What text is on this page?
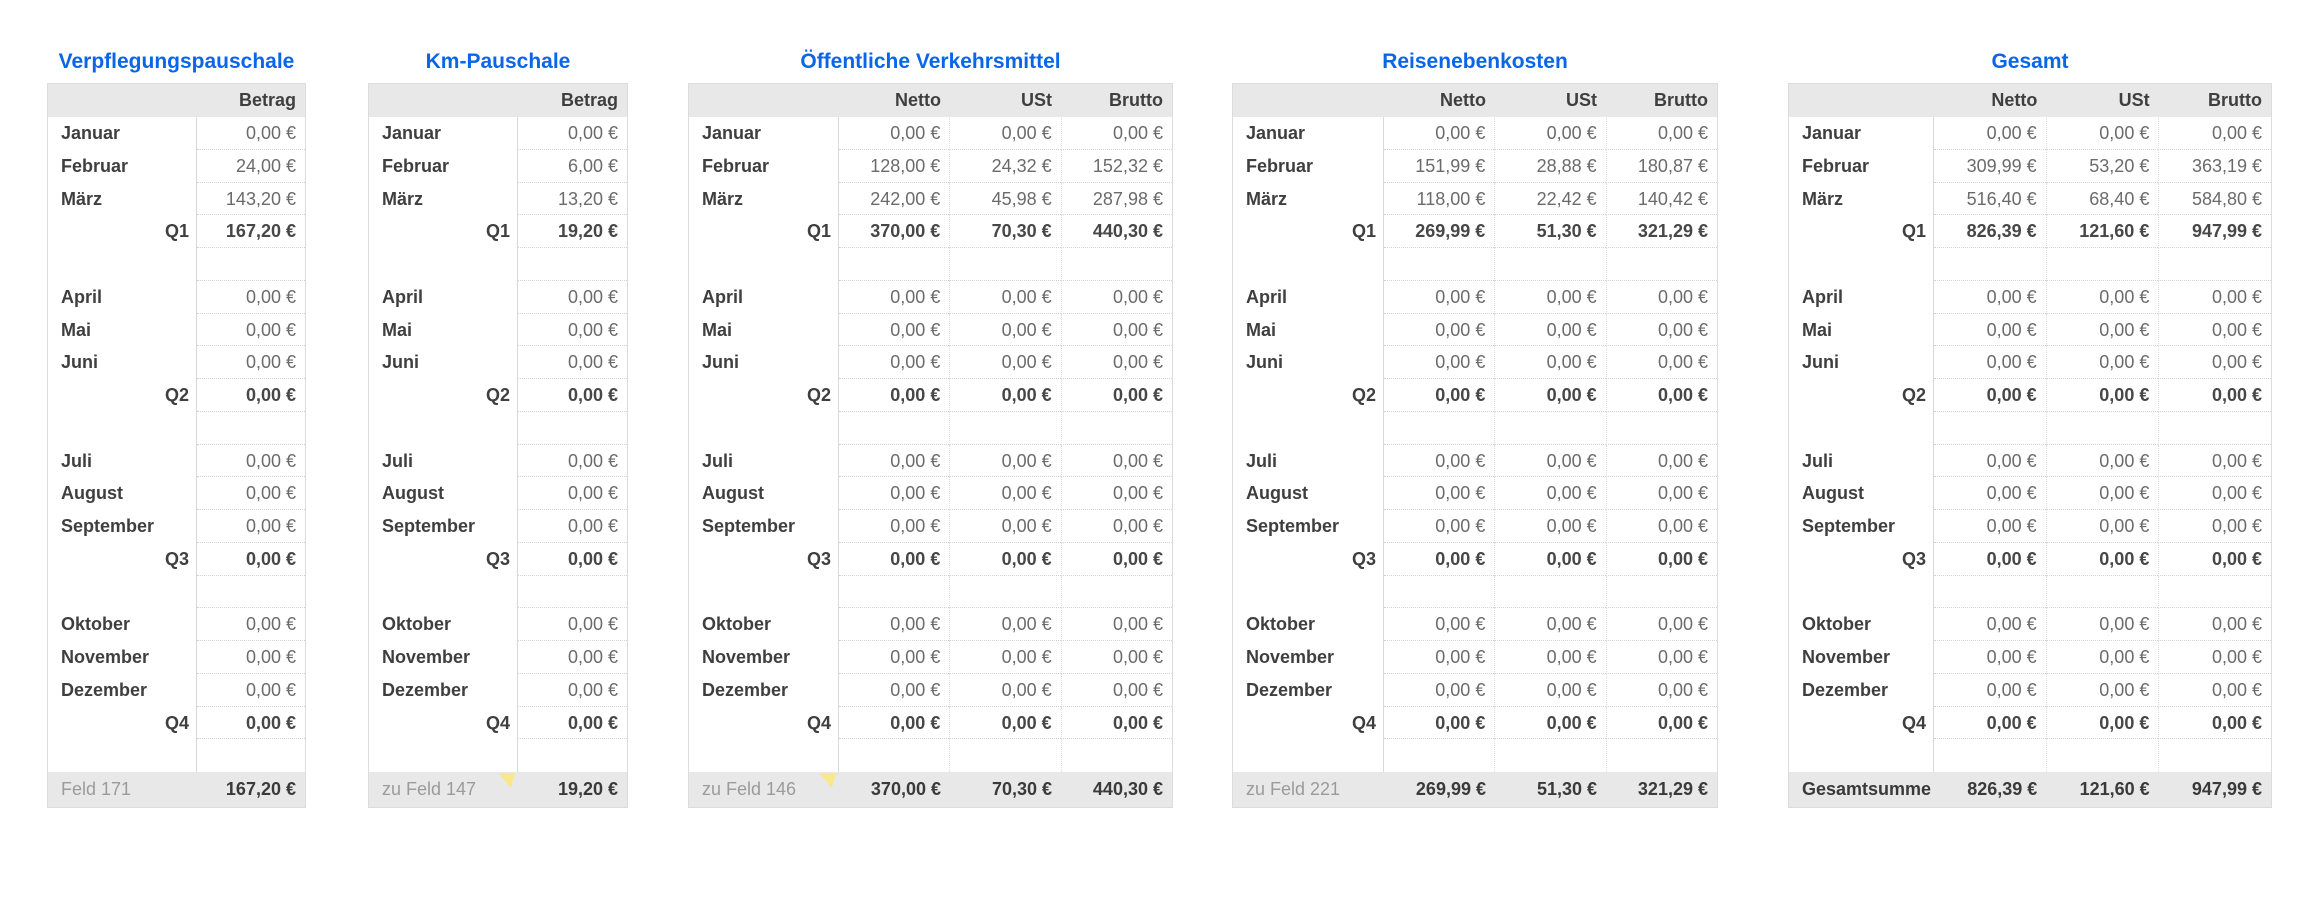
Verpflegungspauschale
Betrag
Januar	0,00 €
Februar	24,00 €
März	143,20 €
Q1	167,20 €
April	0,00 €
Mai	0,00 €
Juni	0,00 €
Q2	0,00 €
Juli	0,00 €
August	0,00 €
September	0,00 €
Q3	0,00 €
Oktober	0,00 €
November	0,00 €
Dezember	0,00 €
Q4	0,00 €
Feld 171	167,20 €
Km-Pauschale
Betrag
Januar	0,00 €
Februar	6,00 €
März	13,20 €
Q1	19,20 €
April	0,00 €
Mai	0,00 €
Juni	0,00 €
Q2	0,00 €
Juli	0,00 €
August	0,00 €
September	0,00 €
Q3	0,00 €
Oktober	0,00 €
November	0,00 €
Dezember	0,00 €
Q4	0,00 €
zu Feld 147	19,20 €
Öffentliche Verkehrsmittel
Netto	USt	Brutto
Januar	0,00 €	0,00 €	0,00 €
Februar	128,00 €	24,32 €	152,32 €
März	242,00 €	45,98 €	287,98 €
Q1	370,00 €	70,30 €	440,30 €
April	0,00 €	0,00 €	0,00 €
Mai	0,00 €	0,00 €	0,00 €
Juni	0,00 €	0,00 €	0,00 €
Q2	0,00 €	0,00 €	0,00 €
Juli	0,00 €	0,00 €	0,00 €
August	0,00 €	0,00 €	0,00 €
September	0,00 €	0,00 €	0,00 €
Q3	0,00 €	0,00 €	0,00 €
Oktober	0,00 €	0,00 €	0,00 €
November	0,00 €	0,00 €	0,00 €
Dezember	0,00 €	0,00 €	0,00 €
Q4	0,00 €	0,00 €	0,00 €
zu Feld 146	370,00 €	70,30 €	440,30 €
Reisenebenkosten
Netto	USt	Brutto
Januar	0,00 €	0,00 €	0,00 €
Februar	151,99 €	28,88 €	180,87 €
März	118,00 €	22,42 €	140,42 €
Q1	269,99 €	51,30 €	321,29 €
April	0,00 €	0,00 €	0,00 €
Mai	0,00 €	0,00 €	0,00 €
Juni	0,00 €	0,00 €	0,00 €
Q2	0,00 €	0,00 €	0,00 €
Juli	0,00 €	0,00 €	0,00 €
August	0,00 €	0,00 €	0,00 €
September	0,00 €	0,00 €	0,00 €
Q3	0,00 €	0,00 €	0,00 €
Oktober	0,00 €	0,00 €	0,00 €
November	0,00 €	0,00 €	0,00 €
Dezember	0,00 €	0,00 €	0,00 €
Q4	0,00 €	0,00 €	0,00 €
zu Feld 221	269,99 €	51,30 €	321,29 €
Gesamt
Netto	USt	Brutto
Januar	0,00 €	0,00 €	0,00 €
Februar	309,99 €	53,20 €	363,19 €
März	516,40 €	68,40 €	584,80 €
Q1	826,39 €	121,60 €	947,99 €
April	0,00 €	0,00 €	0,00 €
Mai	0,00 €	0,00 €	0,00 €
Juni	0,00 €	0,00 €	0,00 €
Q2	0,00 €	0,00 €	0,00 €
Juli	0,00 €	0,00 €	0,00 €
August	0,00 €	0,00 €	0,00 €
September	0,00 €	0,00 €	0,00 €
Q3	0,00 €	0,00 €	0,00 €
Oktober	0,00 €	0,00 €	0,00 €
November	0,00 €	0,00 €	0,00 €
Dezember	0,00 €	0,00 €	0,00 €
Q4	0,00 €	0,00 €	0,00 €
Gesamtsumme	826,39 €	121,60 €	947,99 €
